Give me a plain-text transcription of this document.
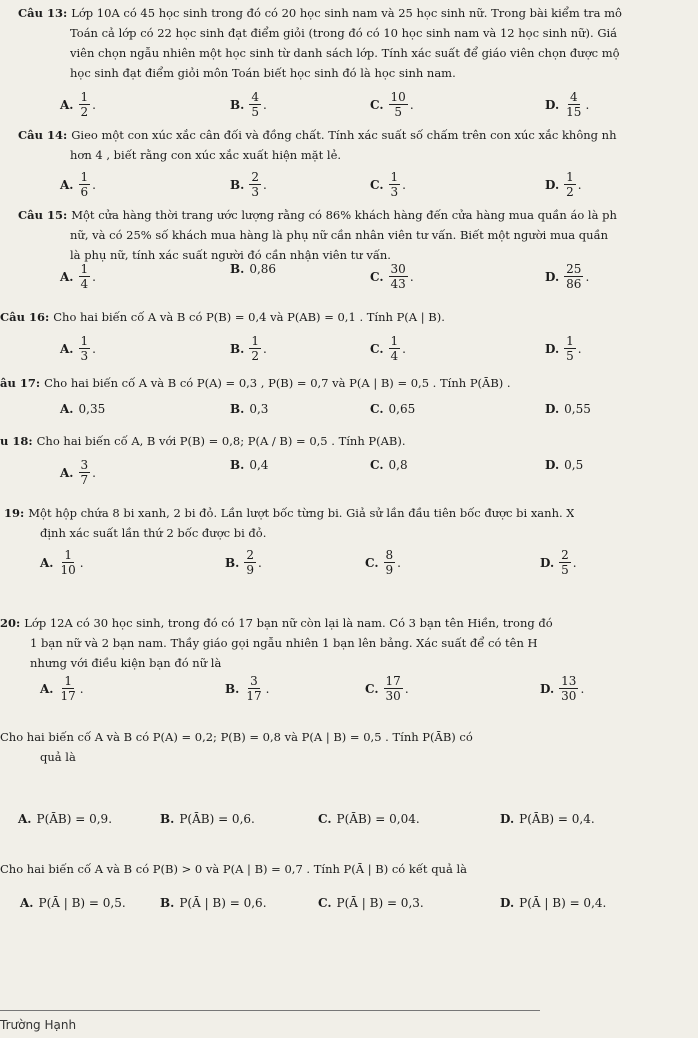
Câu 13: Lớp 10A có 45 học sinh trong đó có 20 học sinh nam và 25 học sinh nữ. Trong bài kiểm tra mô
Toán cả lớp có 22 học sinh đạt điểm giỏi (trong đó có 10 học sinh nam và 12 học sinh nữ). Giá
viên chọn ngẫu nhiên một học sinh từ danh sách lớp. Tính xác suất để giáo viên chọn được mộ
học sinh đạt điểm giỏi môn Toán biết học sinh đó là học sinh nam.
A. $\frac{1}{2}$ .	B. $\frac{4}{5}$ .	C. $\frac{10}{5}$ .	D. $\frac{4}{15}$ .
Câu 14: Gieo một con xúc xắc cân đối và đồng chất. Tính xác suất số chấm trên con xúc xắc không nh
hơn 4 , biết rằng con xúc xắc xuất hiện mặt lẻ.
A. $\frac{1}{6}$ .	B. $\frac{2}{3}$ .	C. $\frac{1}{3}$ .	D. $\frac{1}{2}$ .
Câu 15: Một cửa hàng thời trang ước lượng rằng có 86% khách hàng đến cửa hàng mua quần áo là ph
nữ, và có 25% số khách mua hàng là phụ nữ cần nhân viên tư vấn. Biết một người mua quần
là phụ nữ, tính xác suất người đó cần nhận viên tư vấn.
A. $\frac{1}{4}$ .
B. 0,86
C. $\frac{30}{43}$ .	D. $\frac{25}{86}$ .
Câu 16: Cho hai biến cố A và B có P(B) = 0,4 và P(AB) = 0,1 . Tính P(A | B).
A. $\frac{1}{3}$ .	B. $\frac{1}{2}$ .	C. $\frac{1}{4}$ .	D. $\frac{1}{5}$ .
âu 17: Cho hai biến cố A và B có P(A) = 0,3 , P(B) = 0,7 và P(A | B) = 0,5 . Tính P(ĀB) .
A. 0,35	B. 0,3	C. 0,65	D. 0,55
u 18: Cho hai biến cố A, B với P(B) = 0,8; P(A / B) = 0,5 . Tính P(AB).
A. $\frac{3}{7}$ .
B. 0,4	C. 0,8	D. 0,5
19: Một hộp chứa 8 bi xanh, 2 bi đỏ. Lần lượt bốc từng bi. Giả sử lần đầu tiên bốc được bi xanh. X
định xác suất lần thứ 2 bốc được bi đỏ.
A. $\frac{1}{10}$ .	B. $\frac{2}{9}$ .	C. $\frac{8}{9}$ .	D. $\frac{2}{5}$ .
20: Lớp 12A có 30 học sinh, trong đó có 17 bạn nữ còn lại là nam. Có 3 bạn tên Hiền, trong đó
1 bạn nữ và 2 bạn nam. Thầy giáo gọi ngẫu nhiên 1 bạn lên bảng. Xác suất để có tên H
nhưng với điều kiện bạn đó nữ là
A. $\frac{1}{17}$ .	B. $\frac{3}{17}$ .	C. $\frac{17}{30}$ .	D. $\frac{13}{30}$ .
Cho hai biến cố A và B có P(A) = 0,2; P(B) = 0,8 và P(A | B) = 0,5 . Tính P(ĀB) có
quả là
A. P(ĀB) = 0,9.	B. P(ĀB) = 0,6.	C. P(ĀB) = 0,04.	D. P(ĀB) = 0,4.
Cho hai biến cố A và B có P(B) > 0 và P(A | B) = 0,7 . Tính P(Ā | B) có kết quả là
A. P(Ā | B) = 0,5.	B. P(Ā | B) = 0,6.	C. P(Ā | B) = 0,3.	D. P(Ā | B) = 0,4.
Trường Hạnh
